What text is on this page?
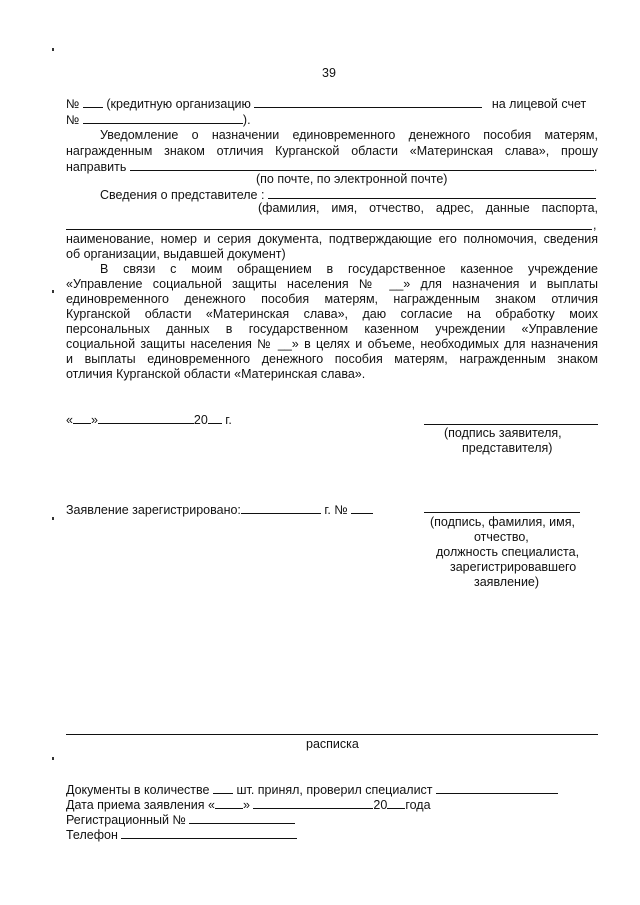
39
№ (кредитную организацию	на лицевой счет
№	).
Уведомление о назначении единовременного денежного пособия матерям,
награжденным знаком отличия Курганской области «Материнская слава», прошу
направить	.
(по почте, по электронной почте)
Сведения о представителе :
(фамилия, имя, отчество, адрес, данные паспорта,
,
наименование, номер и серия документа, подтверждающие его полномочия, сведения
об организации, выдавшей документ)
В связи с моим обращением в государственное казенное учреждение
«Управление социальной защиты населения № __» для назначения и выплаты
единовременного денежного пособия матерям, награжденным знаком отличия
Курганской области «Материнская слава», даю согласие на обработку моих
персональных данных в государственном казенном учреждении «Управление
социальной защиты населения № __» в целях и объеме, необходимых для назначения
и выплаты единовременного денежного пособия матерям, награжденным знаком
отличия Курганской области «Материнская слава».
« »	20 г.
(подпись заявителя,
представителя)
Заявление зарегистрировано:	г. №
(подпись, фамилия, имя,
отчество,
должность специалиста,
зарегистрировавшего
заявление)
расписка
Документы в количестве шт. принял, проверил специалист
Дата приема заявления « »	20 года
Регистрационный №
Телефон
